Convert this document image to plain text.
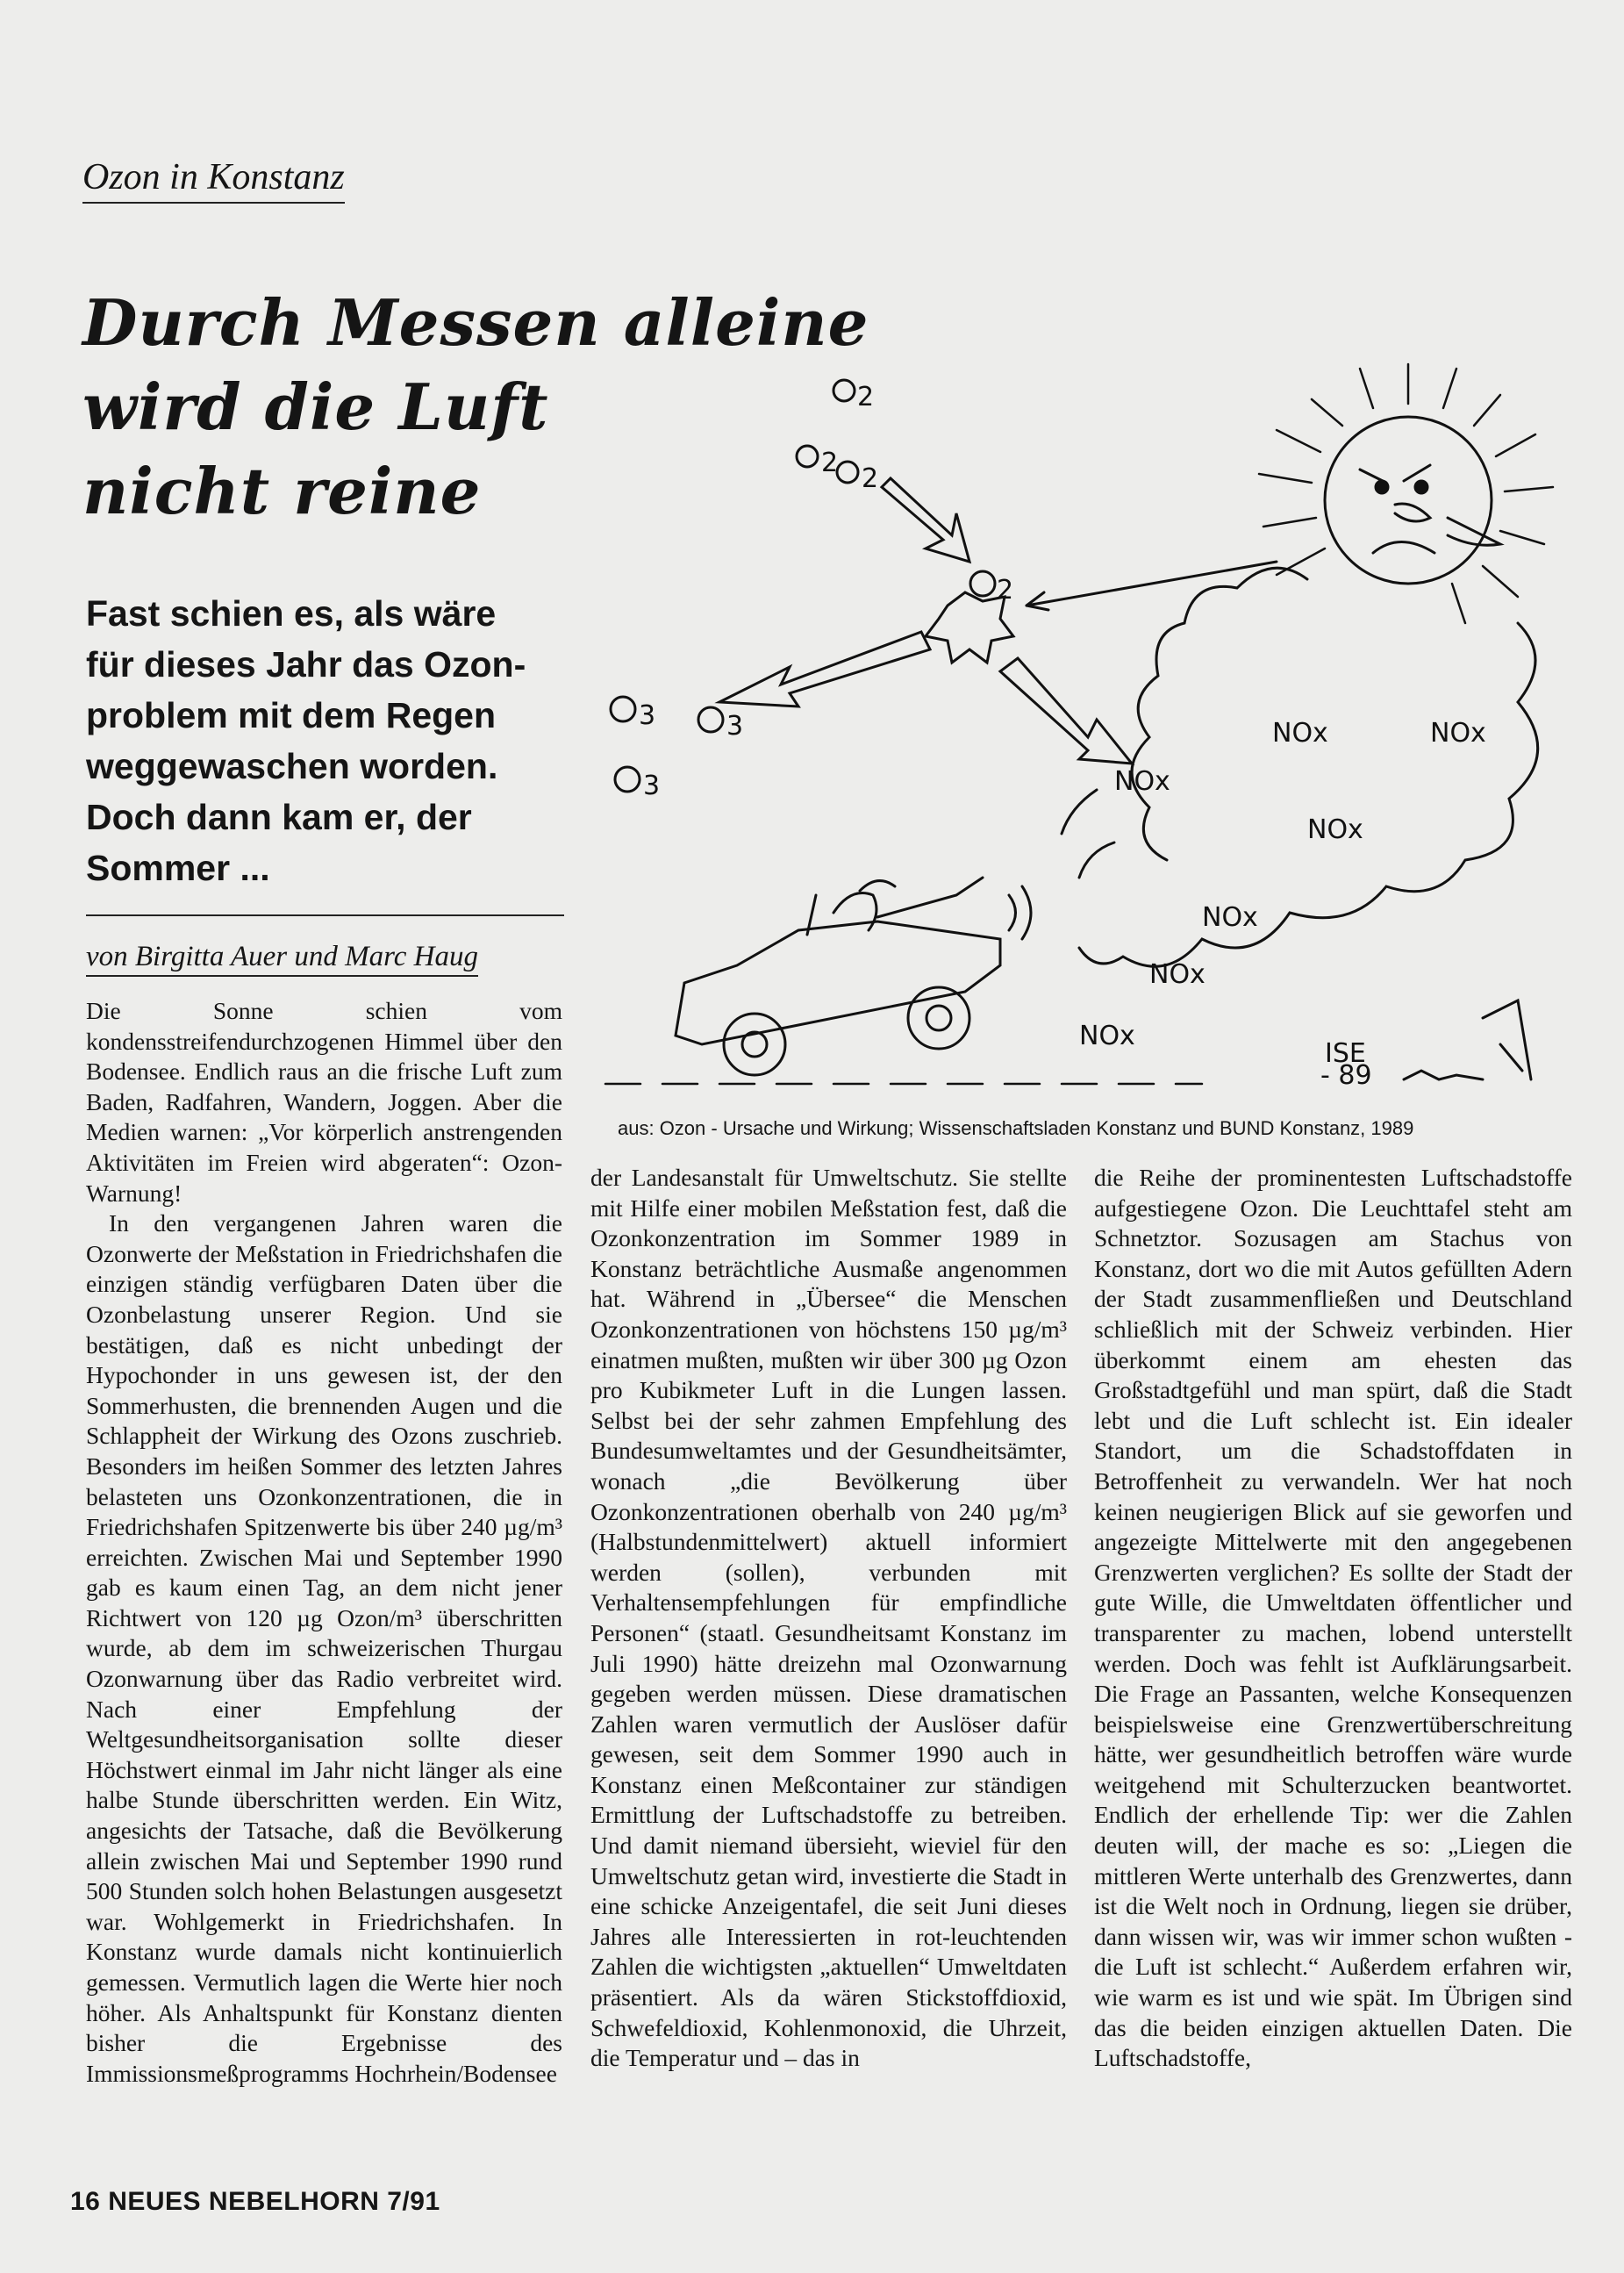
Ozon in Konstanz
Durch Messen alleine
wird die Luft
nicht reine
Fast schien es, als wäre
für dieses Jahr das Ozon-
problem mit dem Regen
weggewaschen worden.
Doch dann kam er, der
Sommer ...
von Birgitta Auer und Marc Haug
2
2
2
2
3	3
3
NOx	NOx
NOx
NOx
NOx
NOx
NOx
ISE
- 89
aus: Ozon - Ursache und Wirkung; Wissenschaftsladen Konstanz und BUND Konstanz, 1989

Die Sonne schien vom kondensstreifendurchzogenen Himmel über den Bodensee. Endlich raus an die frische Luft zum Baden, Radfahren, Wandern, Joggen. Aber die Medien warnen: „Vor körperlich anstrengenden Aktivitäten im Freien wird abgeraten“: Ozon-Warnung!

In den vergangenen Jahren waren die Ozonwerte der Meßstation in Friedrichshafen die einzigen ständig verfügbaren Daten über die Ozonbelastung unserer Region. Und sie bestätigen, daß es nicht unbedingt der Hypochonder in uns gewesen ist, der den Sommerhusten, die brennenden Augen und die Schlappheit der Wirkung des Ozons zuschrieb. Besonders im heißen Sommer des letzten Jahres belasteten uns Ozonkonzentrationen, die in Friedrichshafen Spitzenwerte bis über 240 µg/m³ erreichten. Zwischen Mai und September 1990 gab es kaum einen Tag, an dem nicht jener Richtwert von 120 µg Ozon/m³ überschritten wurde, ab dem im schweizerischen Thurgau Ozonwarnung über das Radio verbreitet wird. Nach einer Empfehlung der Weltgesundheitsorganisation sollte dieser Höchstwert einmal im Jahr nicht länger als eine halbe Stunde überschritten werden. Ein Witz, angesichts der Tatsache, daß die Bevölkerung allein zwischen Mai und September 1990 rund 500 Stunden solch hohen Belastungen ausgesetzt war. Wohlgemerkt in Friedrichshafen. In Konstanz wurde damals nicht kontinuierlich gemessen. Vermutlich lagen die Werte hier noch höher. Als Anhaltspunkt für Konstanz dienten bisher die Ergebnisse des Immissionsmeßprogramms Hochrhein/Bodensee

der Landesanstalt für Umweltschutz. Sie stellte mit Hilfe einer mobilen Meßstation fest, daß die Ozonkonzentration im Sommer 1989 in Konstanz beträchtliche Ausmaße angenommen hat. Während in „Übersee“ die Menschen Ozonkonzentrationen von höchstens 150 µg/m³ einatmen mußten, mußten wir über 300 µg Ozon pro Kubikmeter Luft in die Lungen lassen. Selbst bei der sehr zahmen Empfehlung des Bundesumweltamtes und der Gesundheitsämter, wonach „die Bevölkerung über Ozonkonzentrationen oberhalb von 240 µg/m³ (Halbstundenmittelwert) aktuell informiert werden (sollen), verbunden mit Verhaltensempfehlungen für empfindliche Personen“ (staatl. Gesundheitsamt Konstanz im Juli 1990) hätte dreizehn mal Ozonwarnung gegeben werden müssen. Diese dramatischen Zahlen waren vermutlich der Auslöser dafür gewesen, seit dem Sommer 1990 auch in Konstanz einen Meßcontainer zur ständigen Ermittlung der Luftschadstoffe zu betreiben. Und damit niemand übersieht, wieviel für den Umweltschutz getan wird, investierte die Stadt in eine schicke Anzeigentafel, die seit Juni dieses Jahres alle Interessierten in rot-leuchtenden Zahlen die wichtigsten „aktuellen“ Umweltdaten präsentiert. Als da wären Stickstoffdioxid, Schwefeldioxid, Kohlenmonoxid, die Uhrzeit, die Temperatur und – das in

die Reihe der prominentesten Luftschadstoffe aufgestiegene Ozon. Die Leuchttafel steht am Schnetztor. Sozusagen am Stachus von Konstanz, dort wo die mit Autos gefüllten Adern der Stadt zusammenfließen und Deutschland schließlich mit der Schweiz verbinden. Hier überkommt einem am ehesten das Großstadtgefühl und man spürt, daß die Stadt lebt und die Luft schlecht ist. Ein idealer Standort, um die Schadstoffdaten in Betroffenheit zu verwandeln. Wer hat noch keinen neugierigen Blick auf sie geworfen und angezeigte Mittelwerte mit den angegebenen Grenzwerten verglichen? Es sollte der Stadt der gute Wille, die Umweltdaten öffentlicher und transparenter zu machen, lobend unterstellt werden. Doch was fehlt ist Aufklärungsarbeit. Die Frage an Passanten, welche Konsequenzen beispielsweise eine Grenzwertüberschreitung hätte, wer gesundheitlich betroffen wäre wurde weitgehend mit Schulterzucken beantwortet. Endlich der erhellende Tip: wer die Zahlen deuten will, der mache es so: „Liegen die mittleren Werte unterhalb des Grenzwertes, dann ist die Welt noch in Ordnung, liegen sie drüber, dann wissen wir, was wir immer schon wußten - die Luft ist schlecht.“ Außerdem erfahren wir, wie warm es ist und wie spät. Im Übrigen sind das die beiden einzigen aktuellen Daten. Die Luftschadstoffe,

16 NEUES NEBELHORN 7/91
